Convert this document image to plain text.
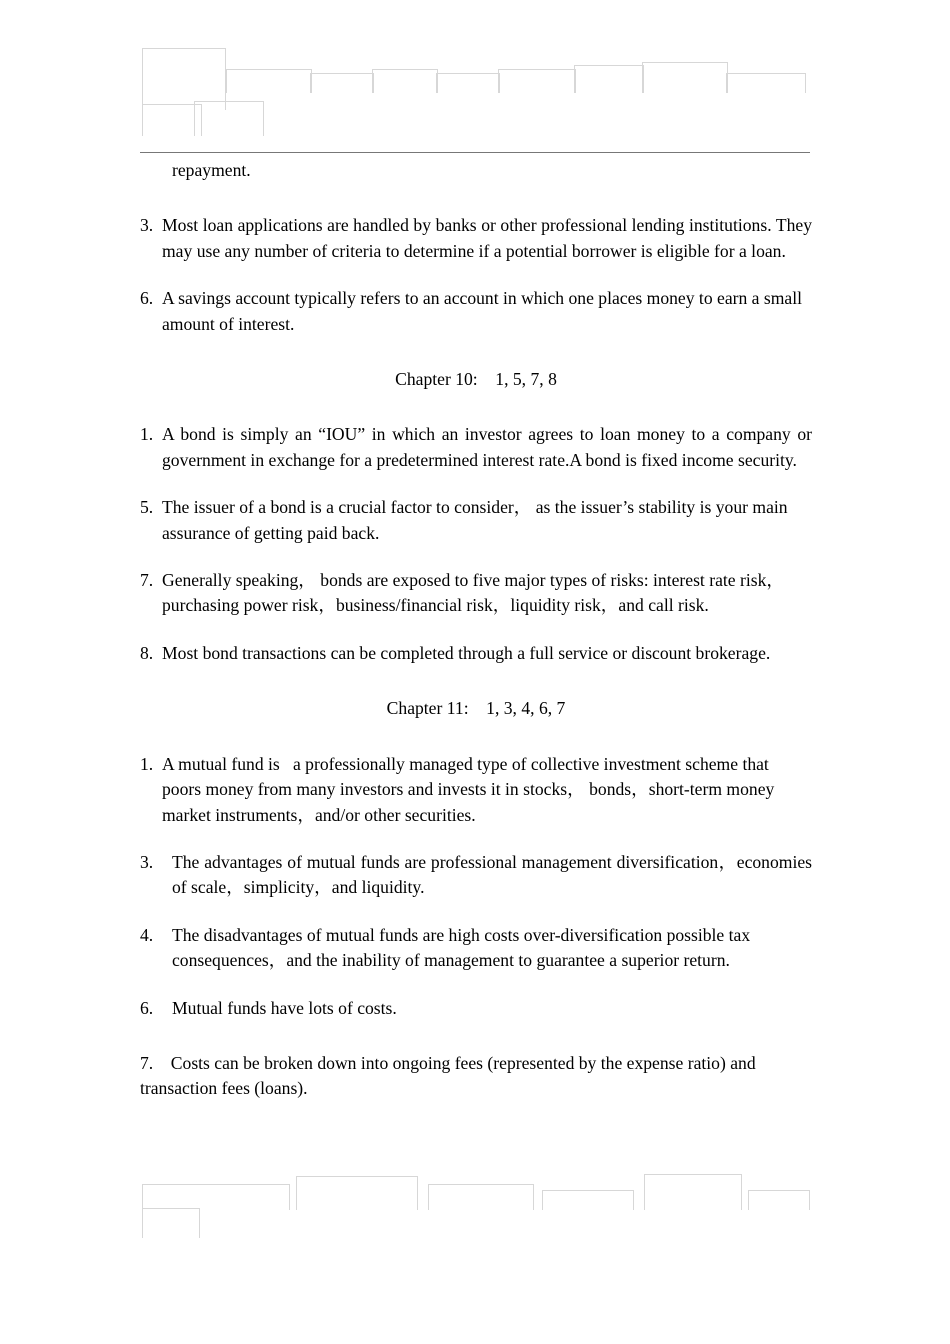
repayment.

3. Most loan applications are handled by banks or other professional lending institutions. They may use any number of criteria to determine if a potential borrower is eligible for a loan.
6. A savings account typically refers to an account in which one places money to earn a small amount of interest.

Chapter 10:    1, 5, 7, 8

1. A bond is simply an “IOU” in which an investor agrees to loan money to a company or government in exchange for a predetermined interest rate.A bond is fixed income security.
5. The issuer of a bond is a crucial factor to consider， as the issuer’s stability is your main assurance of getting paid back.
7. Generally speaking， bonds are exposed to five major types of risks: interest rate risk，purchasing power risk，business/financial risk，liquidity risk，and call risk.
8. Most bond transactions can be completed through a full service or discount brokerage.

Chapter 11:    1, 3, 4, 6, 7

1. A mutual fund is   a professionally managed type of collective investment scheme that poors money from many investors and invests it in stocks， bonds，short-term money market instruments，and/or other securities.
3.	The advantages of mutual funds are professional management diversification，economies of scale，simplicity，and liquidity.
4.	The disadvantages of mutual funds are high costs over-diversification possible tax consequences，and the inability of management to guarantee a superior return.
6.	Mutual funds have lots of costs.

7.    Costs can be broken down into ongoing fees (represented by the expense ratio) and transaction fees (loans).
